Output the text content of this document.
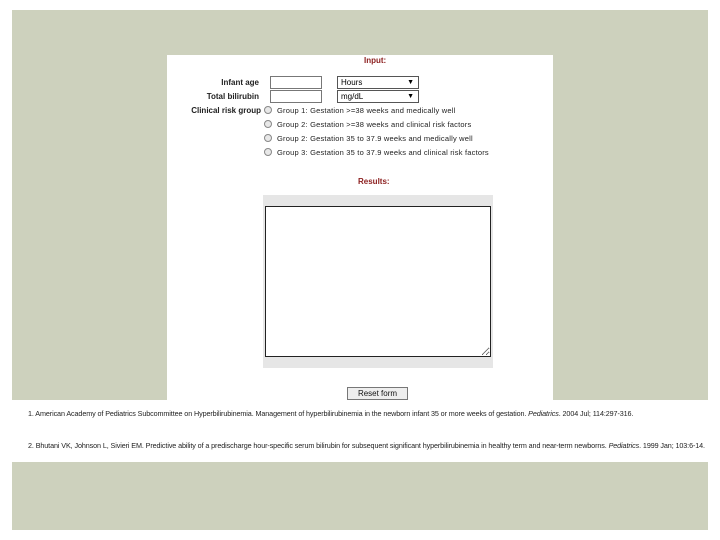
Input:
Infant age	Hours	▼
Total bilirubin	mg/dL	▼
Clinical risk group Group 1: Gestation >=38 weeks and medically well
Group 2: Gestation >=38 weeks and clinical risk factors
Group 2: Gestation 35 to 37.9 weeks and medically well
Group 3: Gestation 35 to 37.9 weeks and clinical risk factors
Results:
Reset form
1. American Academy of Pediatrics Subcommittee on Hyperbilirubinemia. Management of hyperbilirubinemia in the newborn infant 35 or more weeks of gestation. Pediatrics. 2004 Jul; 114:297-316.
2. Bhutani VK, Johnson L, Sivieri EM. Predictive ability of a predischarge hour-specific serum bilirubin for subsequent significant hyperbilirubinemia in healthy term and near-term newborns. Pediatrics. 1999 Jan; 103:6-14.
